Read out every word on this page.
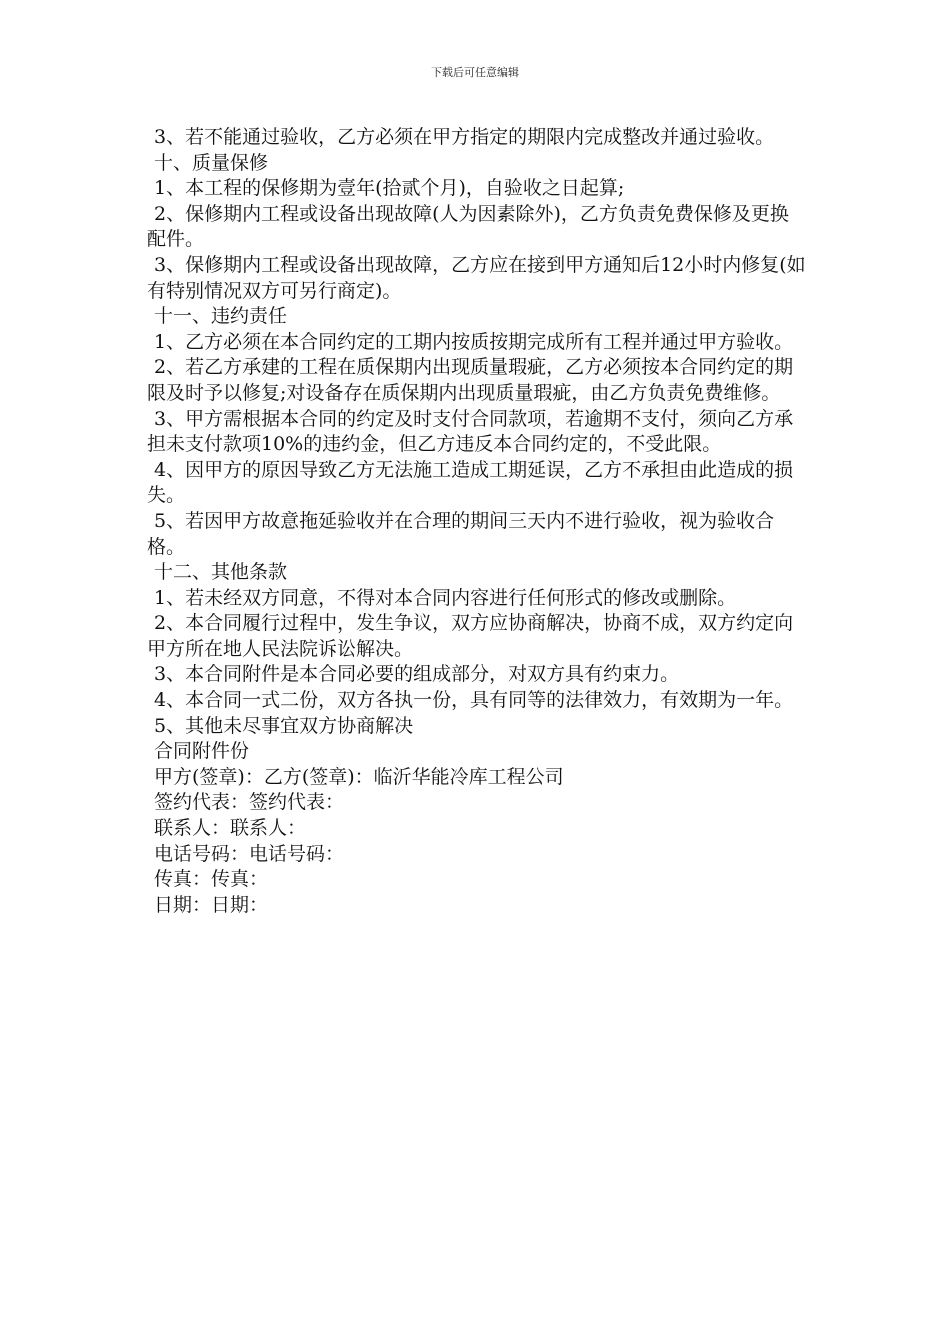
下载后可任意编辑

3、若不能通过验收，乙方必须在甲方指定的期限内完成整改并通过验收。

十、质量保修

1、本工程的保修期为壹年(拾贰个月)，自验收之日起算;

2、保修期内工程或设备出现故障(人为因素除外)，乙方负责免费保修及更换配件。

3、保修期内工程或设备出现故障，乙方应在接到甲方通知后12小时内修复(如有特别情况双方可另行商定)。

十一、违约责任

1、乙方必须在本合同约定的工期内按质按期完成所有工程并通过甲方验收。

2、若乙方承建的工程在质保期内出现质量瑕疵，乙方必须按本合同约定的期限及时予以修复;对设备存在质保期内出现质量瑕疵，由乙方负责免费维修。

3、甲方需根据本合同的约定及时支付合同款项，若逾期不支付，须向乙方承担未支付款项10%的违约金，但乙方违反本合同约定的，不受此限。

4、因甲方的原因导致乙方无法施工造成工期延误，乙方不承担由此造成的损失。

5、若因甲方故意拖延验收并在合理的期间三天内不进行验收，视为验收合格。

十二、其他条款

1、若未经双方同意，不得对本合同内容进行任何形式的修改或删除。

2、本合同履行过程中，发生争议，双方应协商解决，协商不成，双方约定向甲方所在地人民法院诉讼解决。

3、本合同附件是本合同必要的组成部分，对双方具有约束力。

4、本合同一式二份，双方各执一份，具有同等的法律效力，有效期为一年。

5、其他未尽事宜双方协商解决

合同附件份

甲方(签章)：乙方(签章)：临沂华能冷库工程公司

签约代表：签约代表：

联系人：联系人：

电话号码：电话号码：

传真：传真：

日期：日期：
